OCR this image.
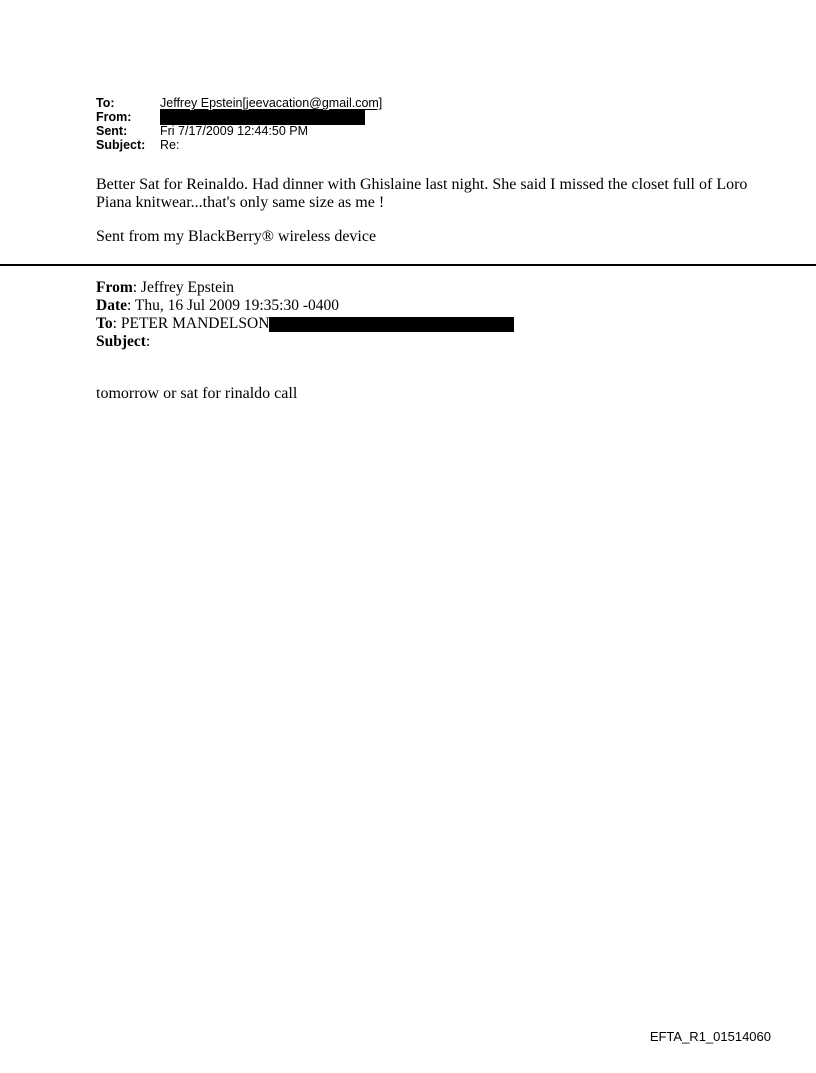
To:	Jeffrey Epstein[jeevacation@gmail.com]
From:
Sent:	Fri 7/17/2009 12:44:50 PM
Subject:	Re:

Better Sat for Reinaldo. Had dinner with Ghislaine last night. She said I missed the closet full of Loro Piana knitwear...that's only same size as me !

Sent from my BlackBerry® wireless device
From : Jeffrey Epstein
Date : Thu, 16 Jul 2009 19:35:30 -0400
To : PETER MANDELSON
Subject :
tomorrow or sat for rinaldo call
EFTA_R1_01514060
